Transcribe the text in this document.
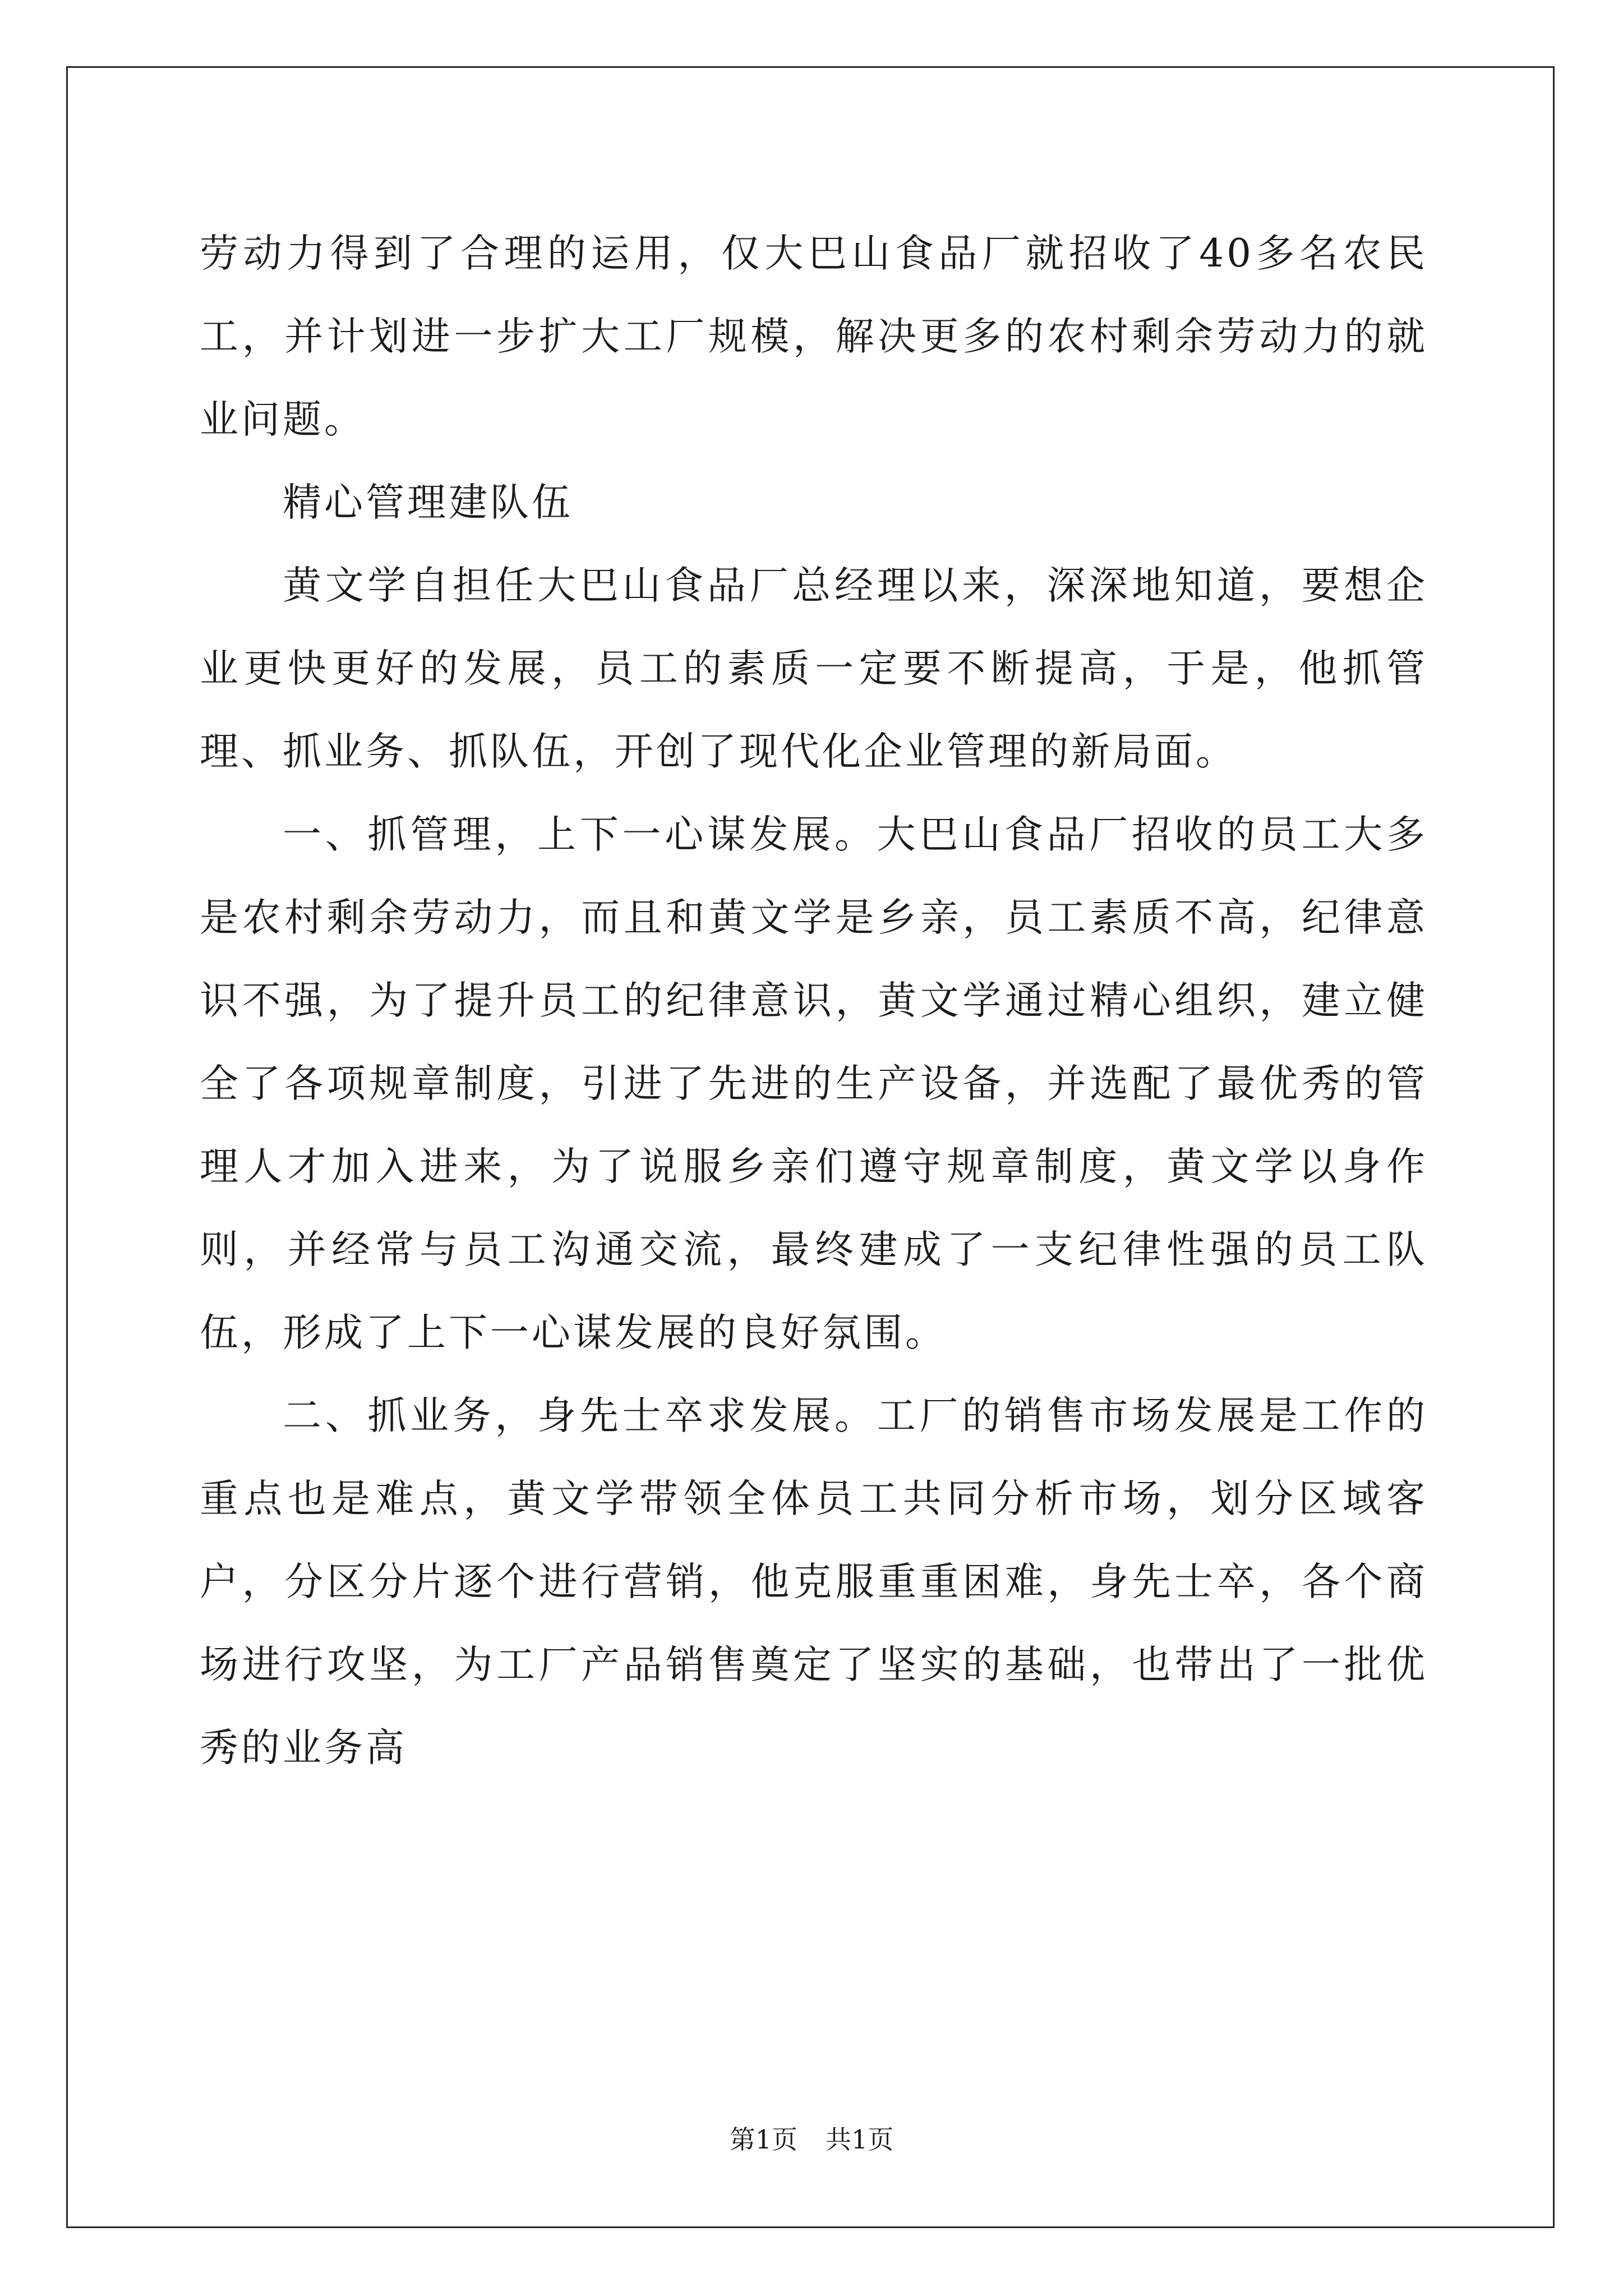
劳动力得到了合理的运用，仅大巴山食品厂就招收了40多名农民工，并计划进一步扩大工厂规模，解决更多的农村剩余劳动力的就业问题。

精心管理建队伍

黄文学自担任大巴山食品厂总经理以来，深深地知道，要想企业更快更好的发展，员工的素质一定要不断提高，于是，他抓管理、抓业务、抓队伍，开创了现代化企业管理的新局面。

一、抓管理，上下一心谋发展。大巴山食品厂招收的员工大多是农村剩余劳动力，而且和黄文学是乡亲，员工素质不高，纪律意识不强，为了提升员工的纪律意识，黄文学通过精心组织，建立健全了各项规章制度，引进了先进的生产设备，并选配了最优秀的管理人才加入进来，为了说服乡亲们遵守规章制度，黄文学以身作则，并经常与员工沟通交流，最终建成了一支纪律性强的员工队伍，形成了上下一心谋发展的良好氛围。

二、抓业务，身先士卒求发展。工厂的销售市场发展是工作的重点也是难点，黄文学带领全体员工共同分析市场，划分区域客户，分区分片逐个进行营销，他克服重重困难，身先士卒，各个商场进行攻坚，为工厂产品销售奠定了坚实的基础，也带出了一批优秀的业务高

第1页 共1页
